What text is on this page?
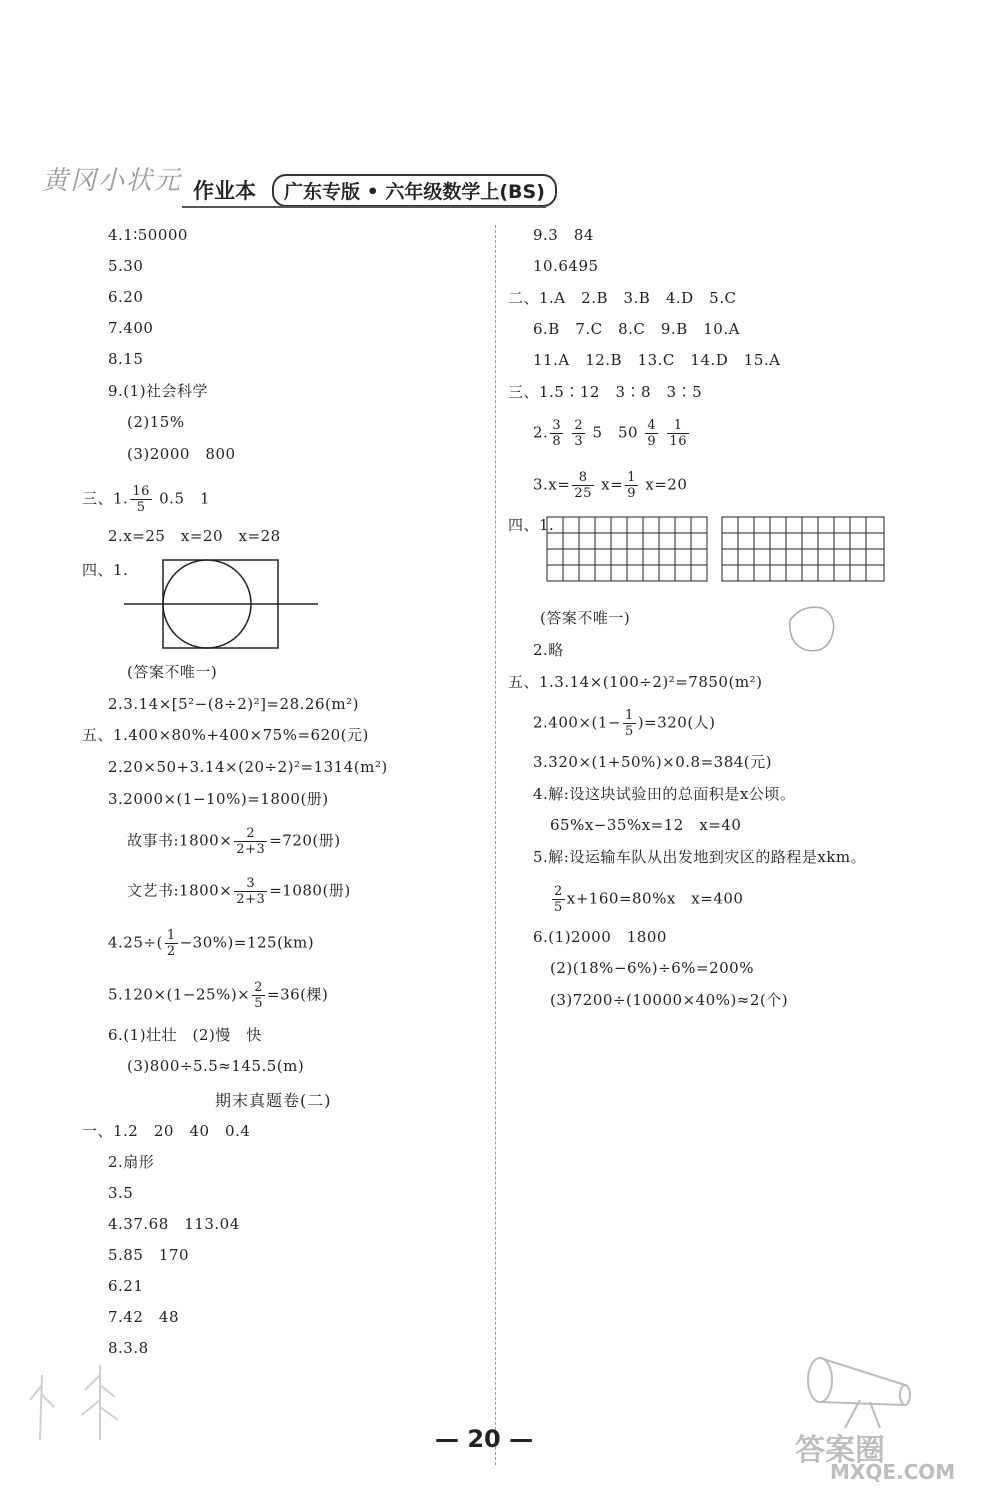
黄冈小状元 作业本	广东专版 • 六年级数学上(BS)
4.1∶50000
5.30
6.20
7.400
8.15
9.(1)社会科学
(2)15%
(3)2000　800
三、1. $\frac{16}{5} 0.5$　1
2.x=25　x=20　x=28
四、1.
(答案不唯一)
2.3.14×[5²−(8÷2)²]=28.26(m²)
五、1.400×80%+400×75%=620(元)
2.20×50+3.14×(20÷2)²=1314(m²)
3.2000×(1−10%)=1800(册)
故事书:1800× $\frac{2}{2+3} =720$(册)
文艺书:1800× $\frac{3}{2+3} =1080$(册)
$4.25\div( \frac{1}{2} -30\%)=125(km)$
$5.120\times(1-25\%)\times \frac{2}{5} =36$(棵)
6.(1)壮壮　(2)慢　快
(3)800÷5.5≈145.5(m)
期末真题卷(二)
一、1.2　20　40　0.4
2.扇形
3.5
4.37.68　113.04
5.85　170
6.21
7.42　48
8.3.8
9.3　84
10.6495
二、1.A　2.B　3.B　4.D　5.C
6.B　7.C　8.C　9.B　10.A
11.A　12.B　13.C　14.D　15.A
三、1.5∶12　3∶8　3∶5
2. $\frac{3}{8}$
$\frac{2}{3} 5$　$50 \frac{4}{9}$
$\frac{1}{16}$
$3.x= \frac{8}{25} x= \frac{1}{9} x=20$
四、1.
(答案不唯一)
2.略
五、1.3.14×(100÷2)²=7850(m²)
$2.400\times(1- \frac{1}{5} )=320$(人)
3.320×(1+50%)×0.8=384(元)
4.解:设这块试验田的总面积是x公顷。
65%x−35%x=12　x=40
5.解:设运输车队从出发地到灾区的路程是xkm。
$\frac{2}{5} x+160=80\%x$　x=400
6.(1)2000　1800
(2)(18%−6%)÷6%=200%
(3)7200÷(10000×40%)≈2(个)
— 20 —	答案圈
MXQE.COM
